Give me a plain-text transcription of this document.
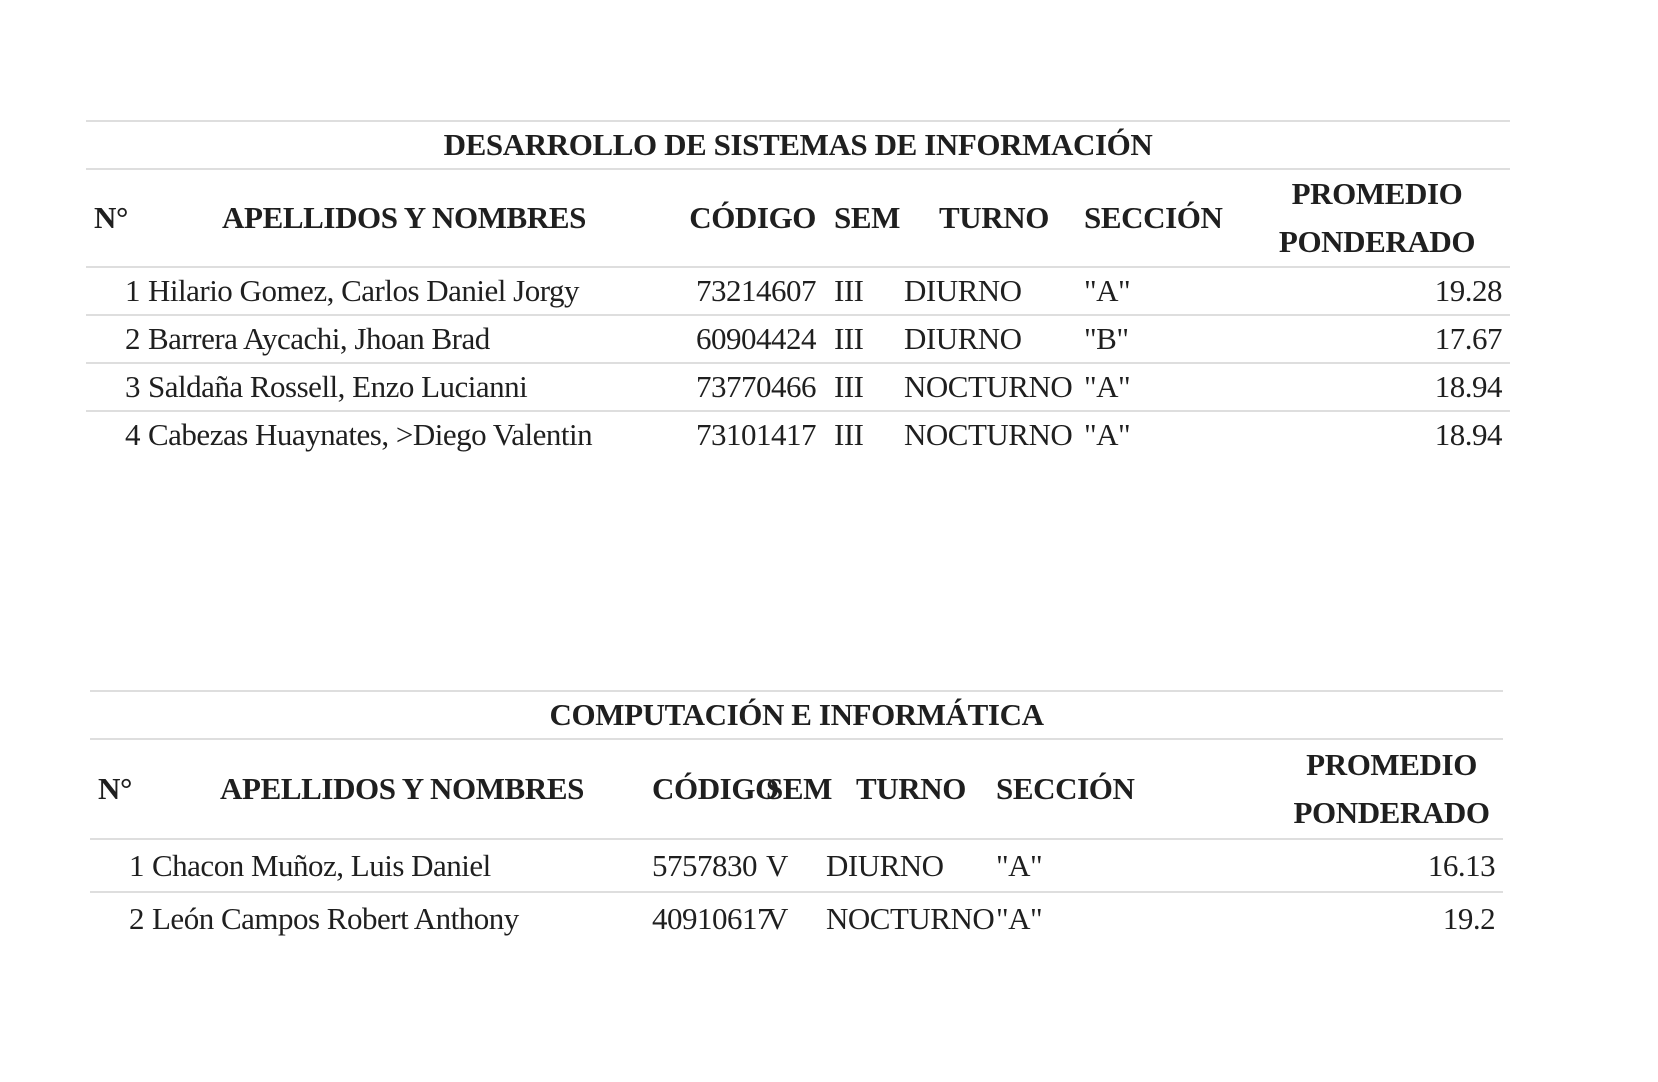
DESARROLLO DE SISTEMAS DE INFORMACIÓN						
N°	APELLIDOS Y NOMBRES	CÓDIGO	SEM	TURNO	SECCIÓN	PROMEDIO
PONDERADO

1	Hilario Gomez, Carlos Daniel Jorgy	73214607	III	DIURNO	"A"	19.28
2	Barrera Aycachi, Jhoan Brad	60904424	III	DIURNO	"B"	17.67
3	Saldaña Rossell, Enzo Lucianni	73770466	III	NOCTURNO	"A"	18.94
4	Cabezas Huaynates, >Diego Valentin	73101417	III	NOCTURNO	"A"	18.94
COMPUTACIÓN E INFORMÁTICA						
N°	APELLIDOS Y NOMBRES	CÓDIGO	SEM	TURNO	SECCIÓN	PROMEDIO
PONDERADO

1	Chacon Muñoz, Luis Daniel	5757830	V	DIURNO	"A"	16.13
2	León Campos Robert Anthony	40910617	V	NOCTURNO	"A"	19.2
